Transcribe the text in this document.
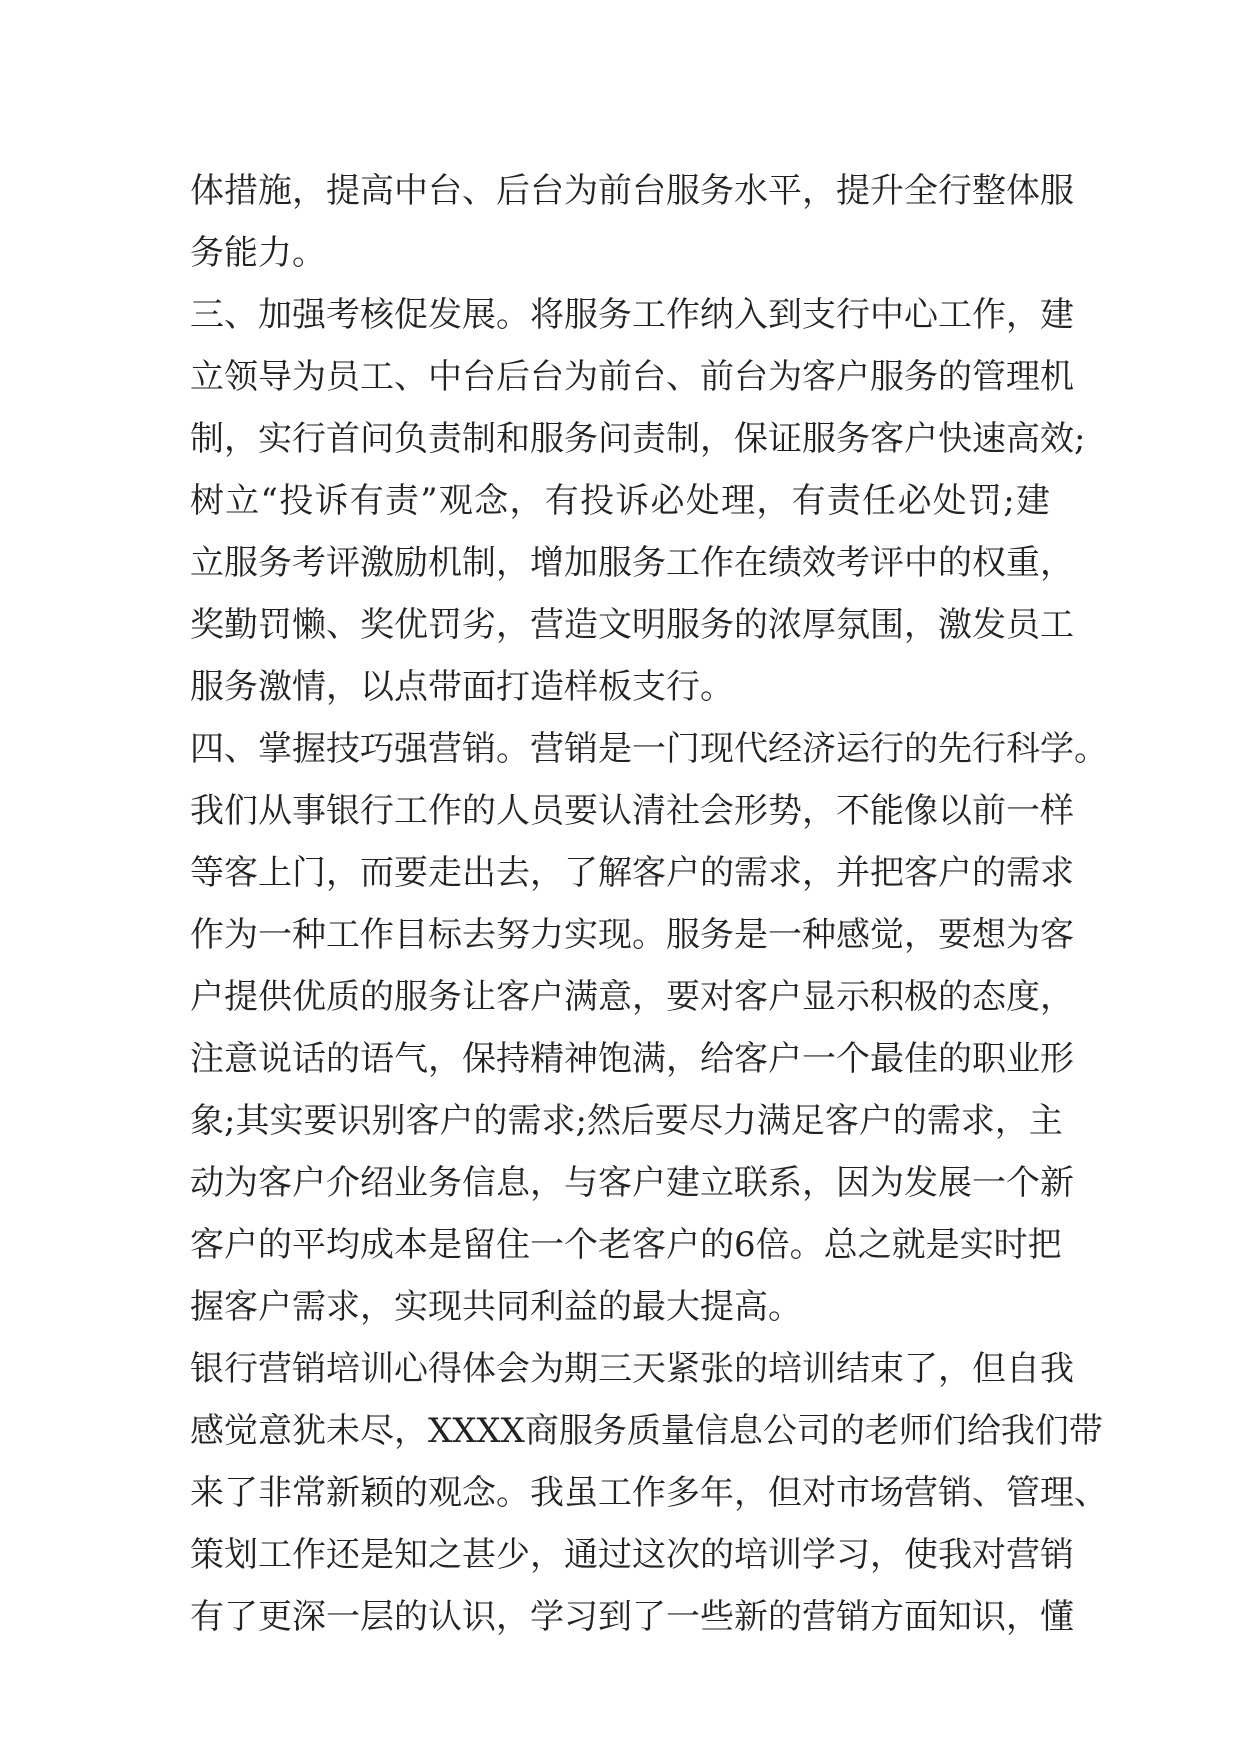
体措施，提高中台、后台为前台服务水平，提升全行整体服
务能力。
三、加强考核促发展。将服务工作纳入到支行中心工作，建
立领导为员工、中台后台为前台、前台为客户服务的管理机
制，实行首问负责制和服务问责制，保证服务客户快速高效;
树立“投诉有责”观念，有投诉必处理，有责任必处罚;建
立服务考评激励机制，增加服务工作在绩效考评中的权重，
奖勤罚懒、奖优罚劣，营造文明服务的浓厚氛围，激发员工
服务激情，以点带面打造样板支行。
四、掌握技巧强营销。营销是一门现代经济运行的先行科学。
我们从事银行工作的人员要认清社会形势，不能像以前一样
等客上门，而要走出去，了解客户的需求，并把客户的需求
作为一种工作目标去努力实现。服务是一种感觉，要想为客
户提供优质的服务让客户满意，要对客户显示积极的态度，
注意说话的语气，保持精神饱满，给客户一个最佳的职业形
象;其实要识别客户的需求;然后要尽力满足客户的需求，主
动为客户介绍业务信息，与客户建立联系，因为发展一个新
客户的平均成本是留住一个老客户的6倍。总之就是实时把
握客户需求，实现共同利益的最大提高。
银行营销培训心得体会为期三天紧张的培训结束了，但自我
感觉意犹未尽，XXXX商服务质量信息公司的老师们给我们带
来了非常新颖的观念。我虽工作多年，但对市场营销、管理、
策划工作还是知之甚少，通过这次的培训学习，使我对营销
有了更深一层的认识，学习到了一些新的营销方面知识，懂
